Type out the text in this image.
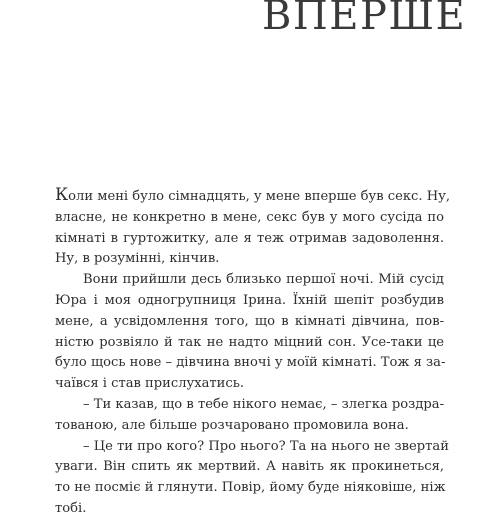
ВПЕРШЕ
Коли мені було сімнадцять, у мене вперше був секс. Ну,
власне, не конкретно в мене, секс був у мого сусіда по
кімнаті в гуртожитку, але я теж отримав задоволення.
Ну, в розумінні, кінчив.
Вони прийшли десь близько першої ночі. Мій сусід
Юра і моя одногрупниця Ірина. Їхній шепіт розбудив
мене, а усвідомлення того, що в кімнаті дівчина, пов-
ністю розвіяло й так не надто міцний сон. Усе-таки це
було щось нове – дівчина вночі у моїй кімнаті. Тож я за-
чаївся і став прислухатись.
– Ти казав, що в тебе нікого немає, – злегка роздра-
тованою, але більше розчаровано промовила вона.
– Це ти про кого? Про нього? Та на нього не звертай
уваги. Він спить як мертвий. А навіть як прокинеться,
то не посміє й глянути. Повір, йому буде ніяковіше, ніж
тобі.
